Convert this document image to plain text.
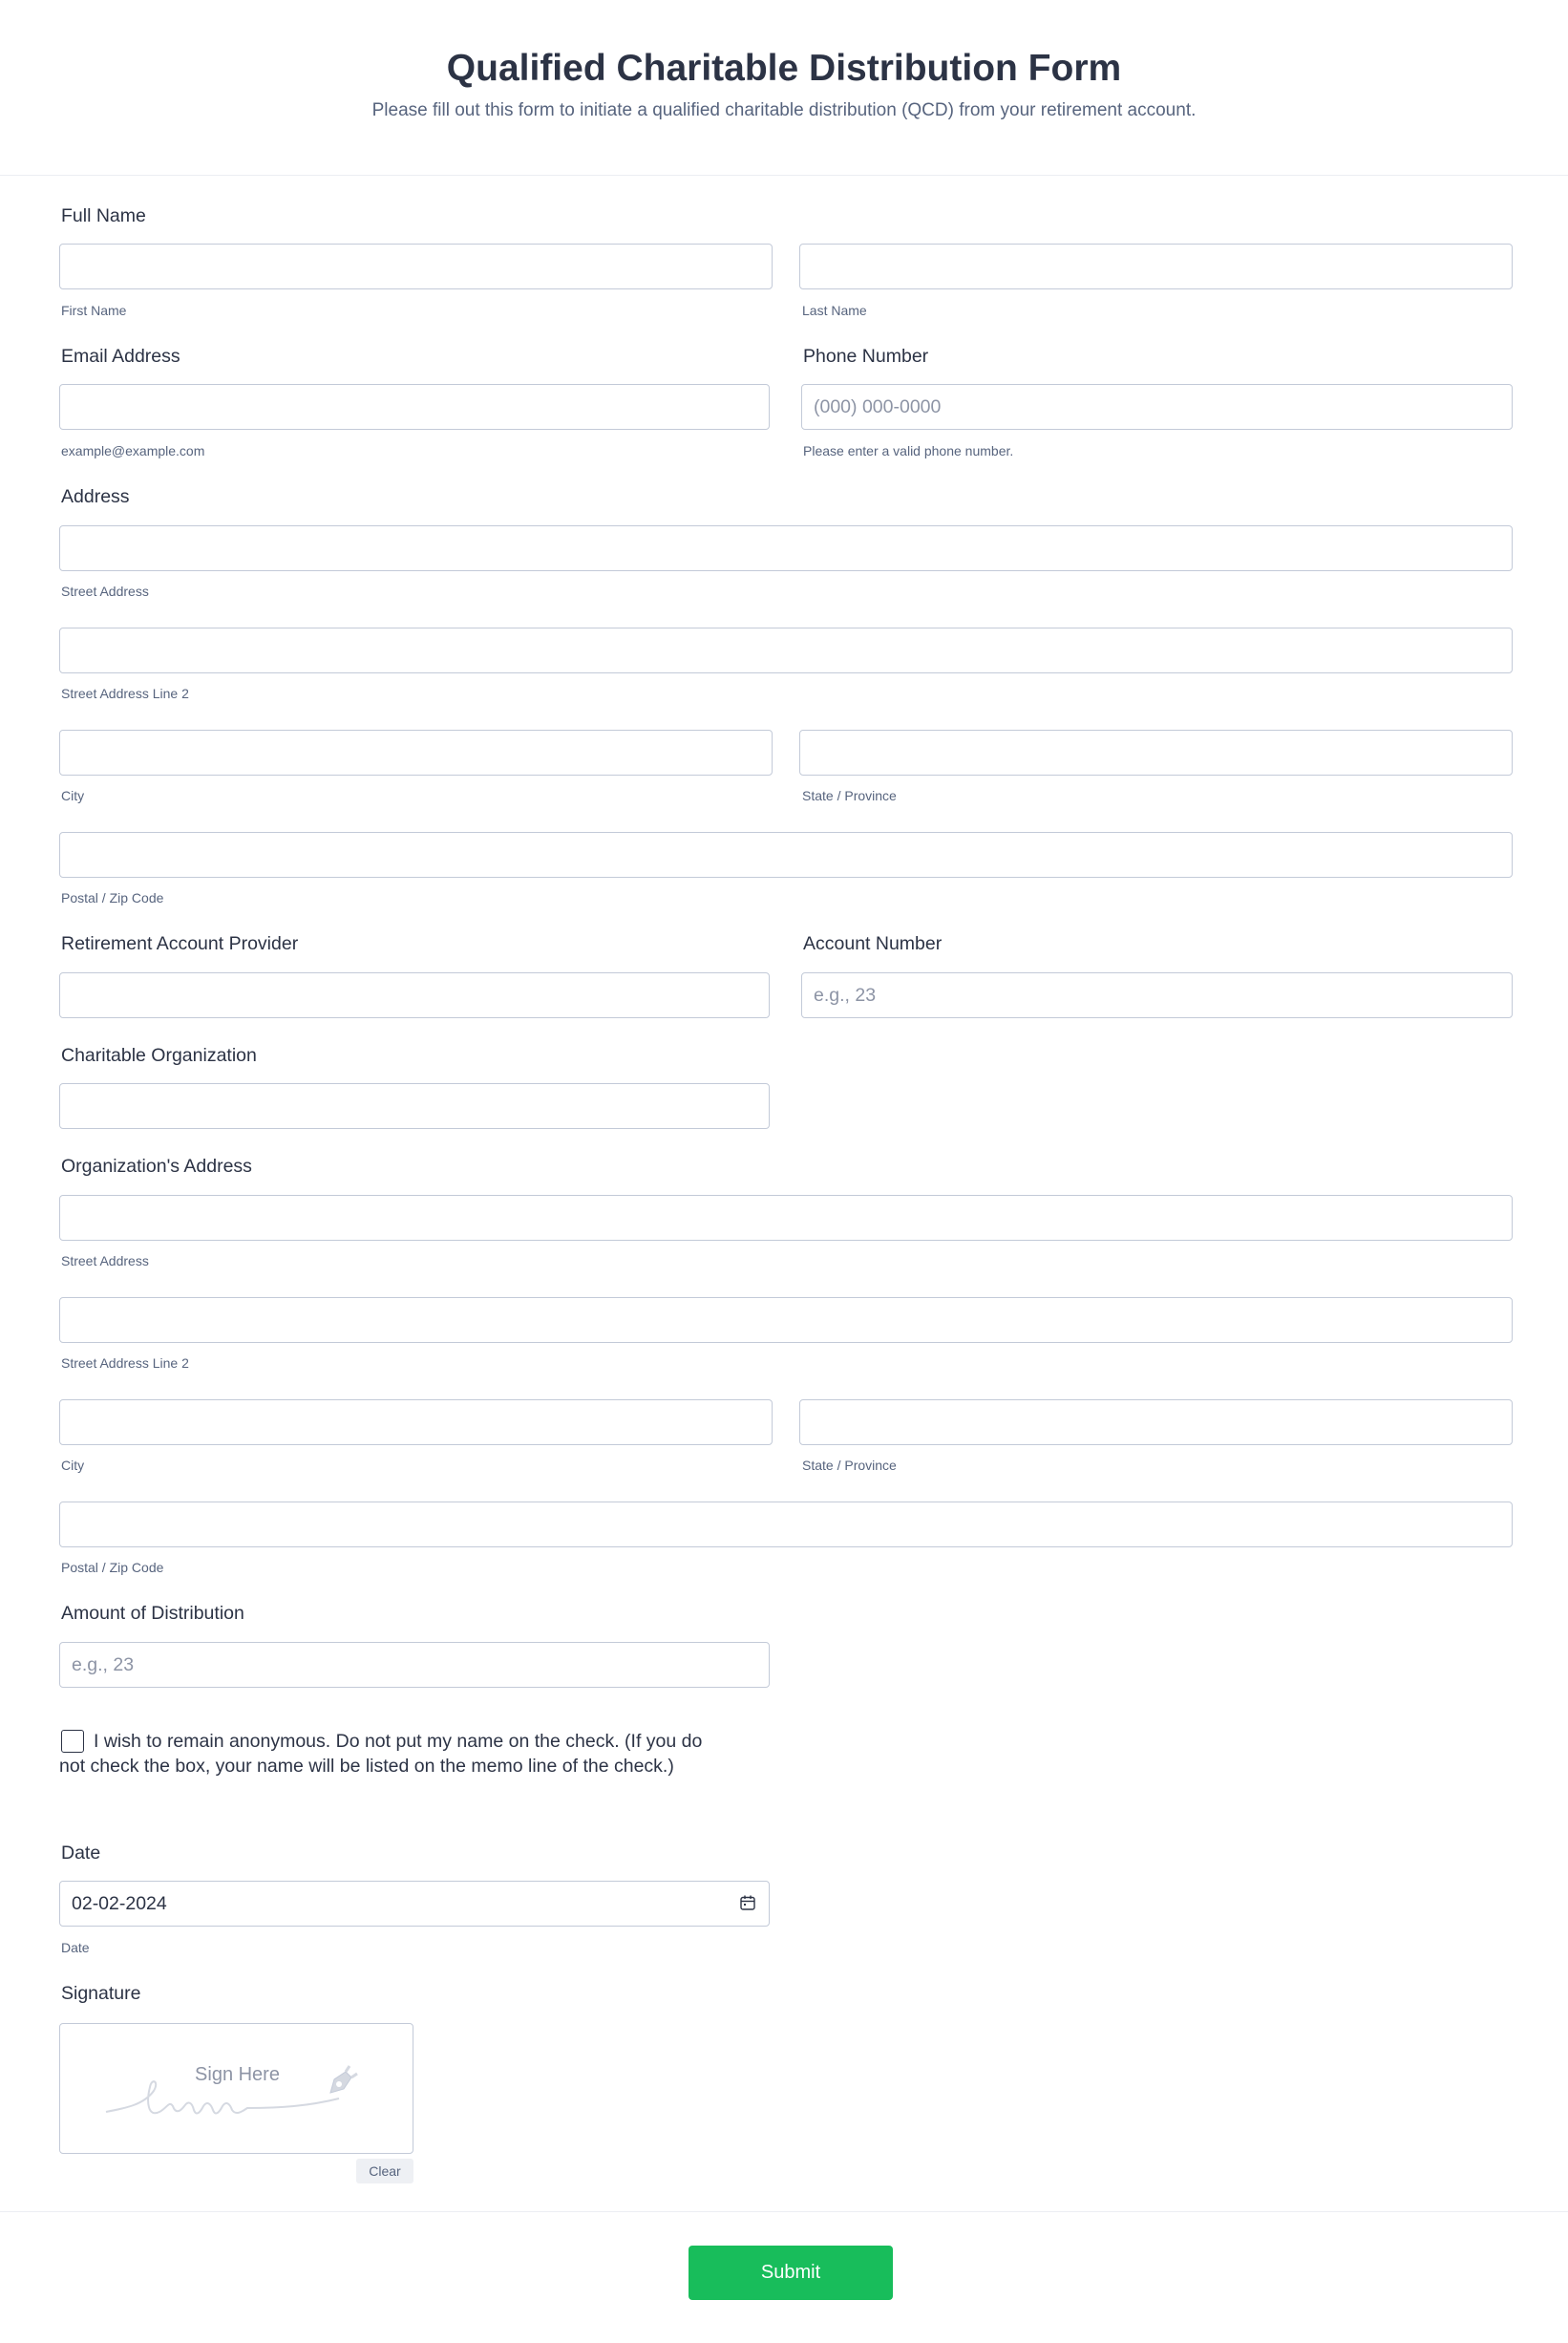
Qualified Charitable Distribution Form
Please fill out this form to initiate a qualified charitable distribution (QCD) from your retirement account.
Full Name
First Name	Last Name
Email Address	Phone Number
(000) 000-0000
example@example.com	Please enter a valid phone number.
Address
Street Address
Street Address Line 2
City	State / Province
Postal / Zip Code
Retirement Account Provider	Account Number
e.g., 23
Charitable Organization
Organization's Address
Street Address
Street Address Line 2
City	State / Province
Postal / Zip Code
Amount of Distribution
e.g., 23
I wish to remain anonymous. Do not put my name on the check. (If you do not check the box, your name will be listed on the memo line of the check.)
Date
02-02-2024
Date
Signature
Sign Here
Clear
Submit
